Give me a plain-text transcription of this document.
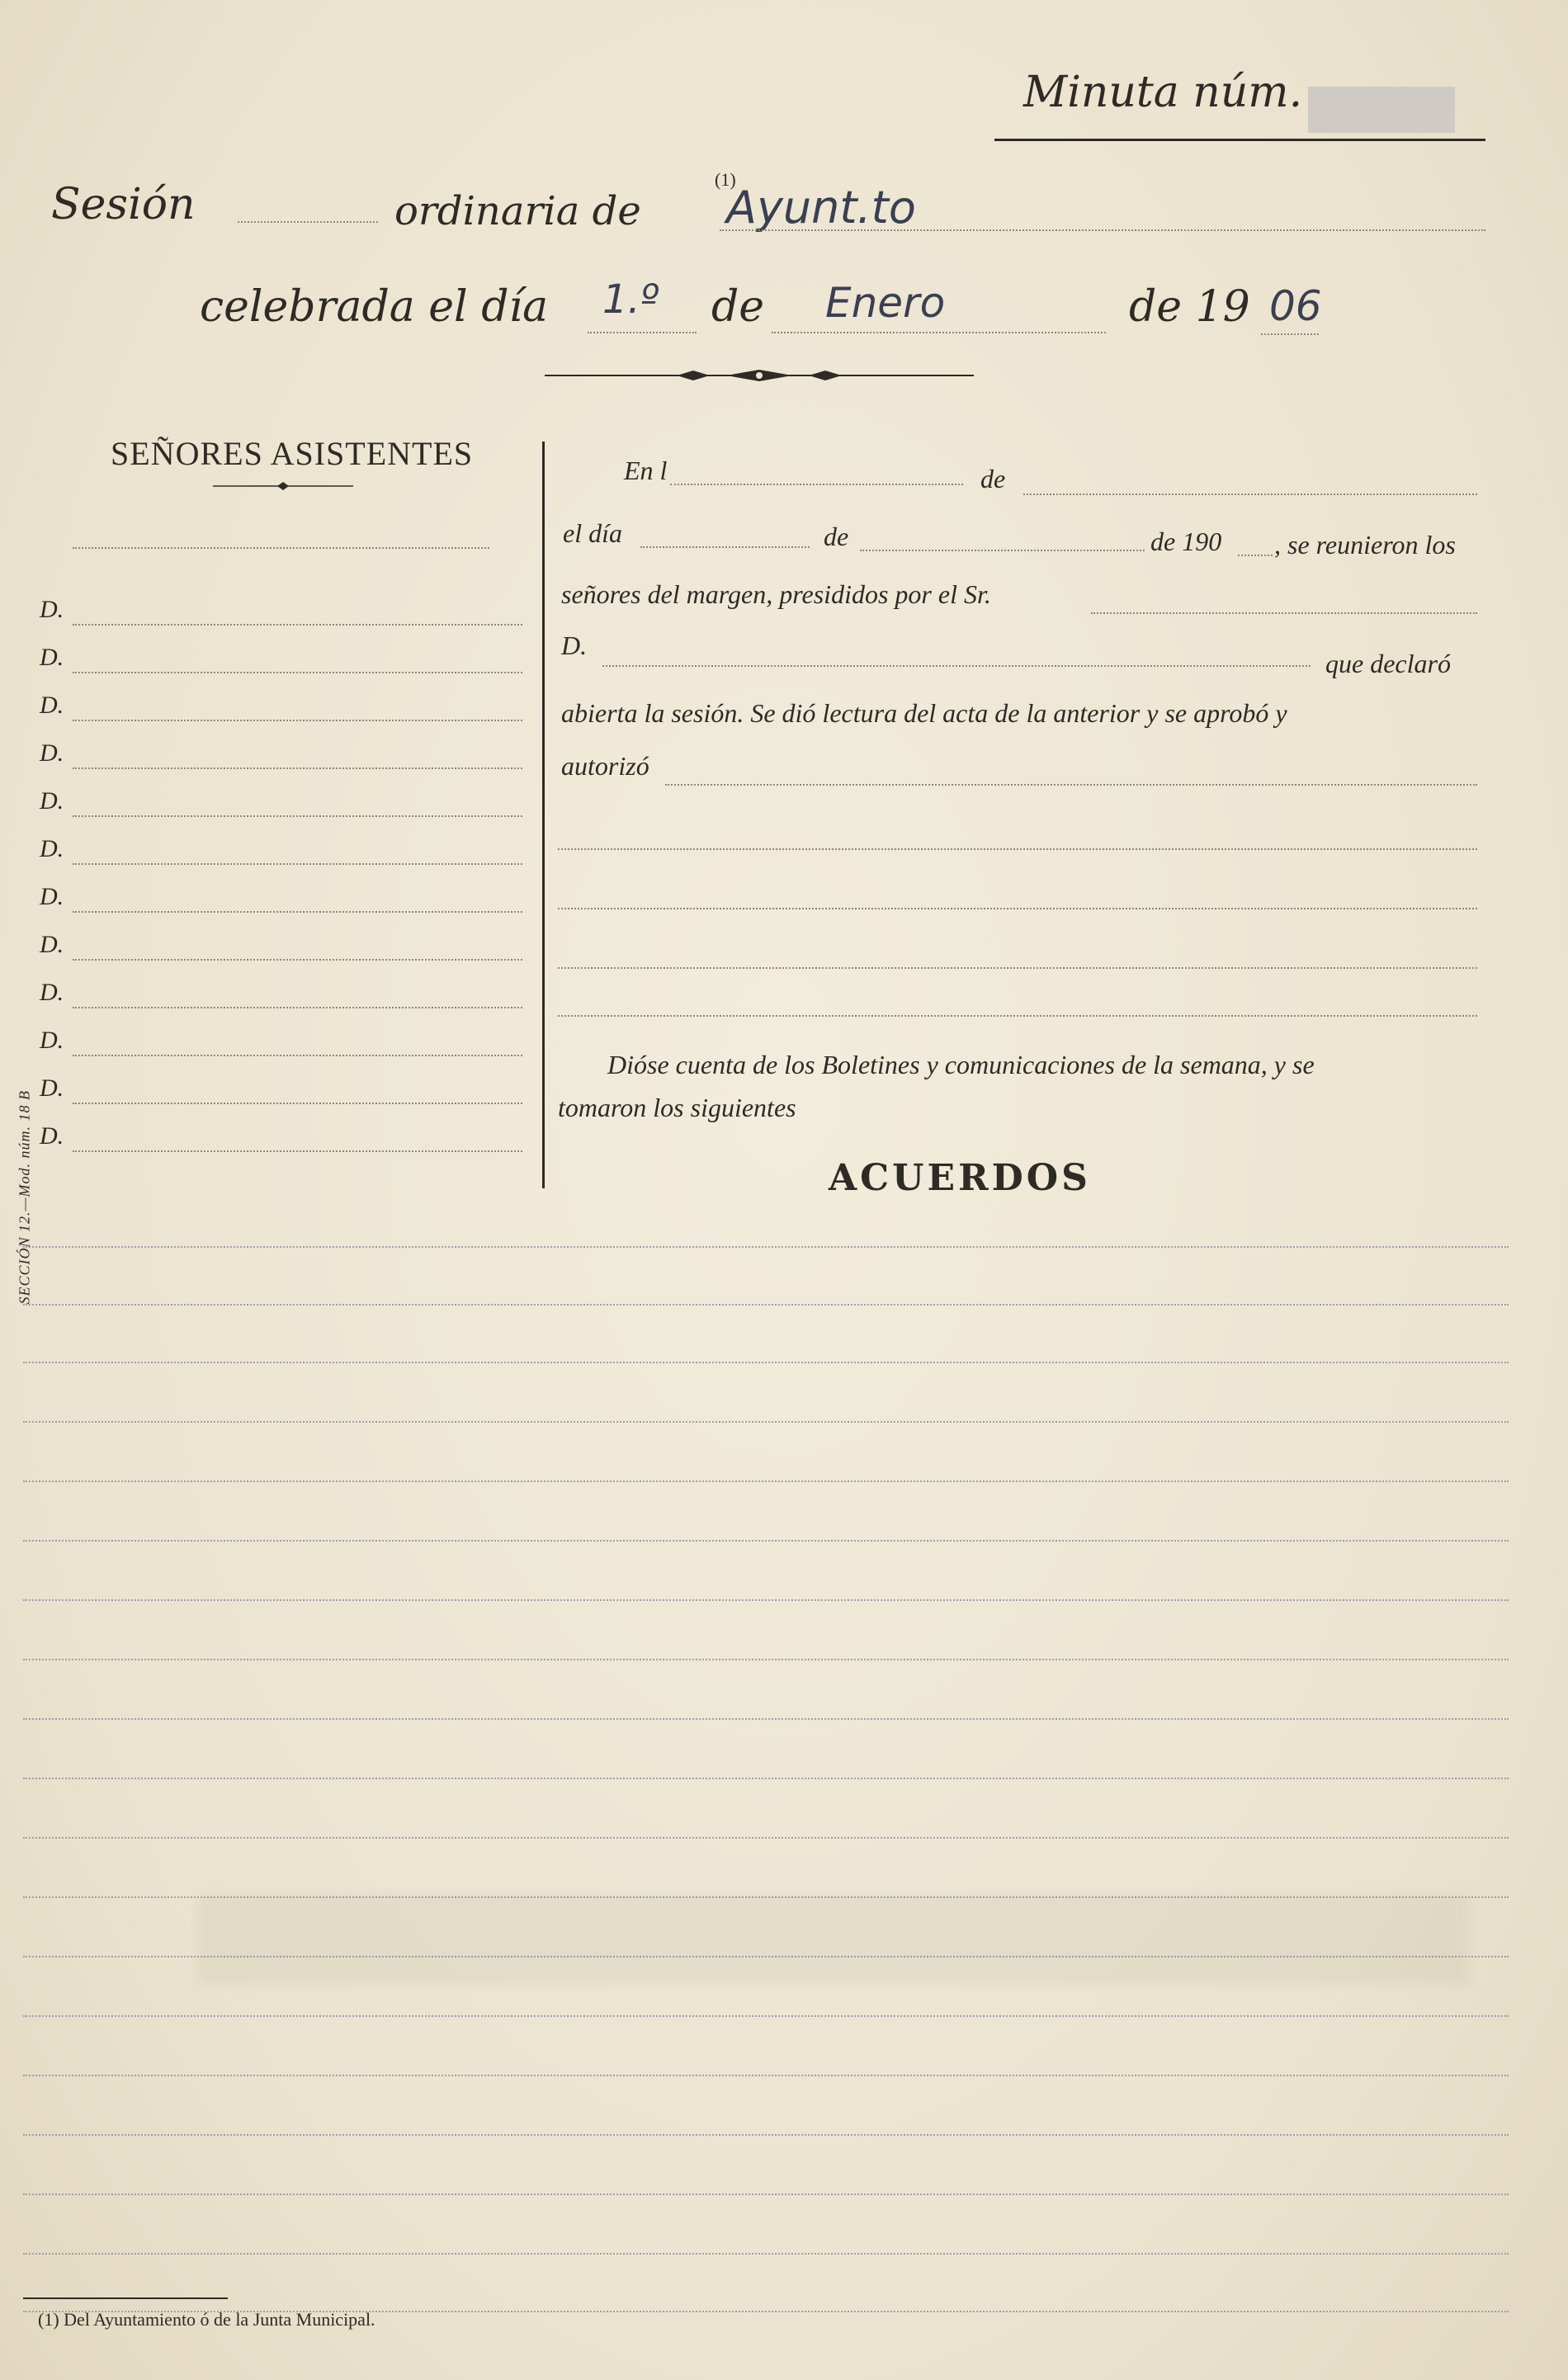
Minuta núm.
Sesión	ordinaria de
(1)
Ayunt.to
celebrada el día 1.º de Enero	de 19 06
SEÑORES ASISTENTES
D.
D.
D.
D.
D.
D.
D.
D.
D.
D.
D.
D.
En l	de
el día	de	de 190 , se reunieron los
señores del margen, presididos por el Sr.
D.
que declaró
abierta la sesión. Se dió lectura del acta de la anterior y se aprobó y
autorizó
Dióse cuenta de los Boletines y comunicaciones de la semana, y se
tomaron los siguientes
ACUERDOS
SECCIÓN 12.—Mod. núm. 18 B
(1) Del Ayuntamiento ó de la Junta Municipal.
